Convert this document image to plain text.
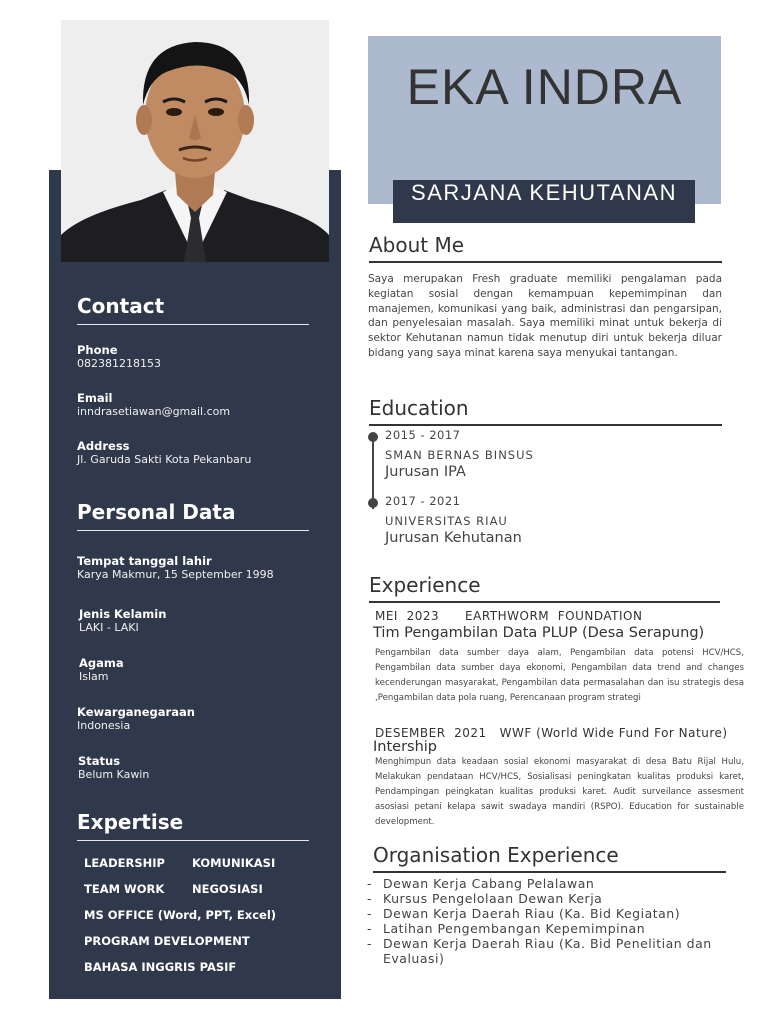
Contact
Phone
082381218153
Email
inndrasetiawan@gmail.com
Address
Jl. Garuda Sakti Kota Pekanbaru
Personal Data
Tempat tanggal lahir
Karya Makmur, 15 September 1998
Jenis Kelamin
LAKI - LAKI
Agama
Islam
Kewarganegaraan
Indonesia
Status
Belum Kawin
Expertise
LEADERSHIP KOMUNIKASI
TEAM WORK NEGOSIASI
MS OFFICE (Word, PPT, Excel)
PROGRAM DEVELOPMENT
BAHASA INGGRIS PASIF
EKA INDRA
SARJANA KEHUTANAN
About Me
Saya merupakan Fresh graduate memiliki pengalaman pada kegiatan sosial dengan kemampuan kepemimpinan dan manajemen, komunikasi yang baik, administrasi dan pengarsipan, dan penyelesaian masalah. Saya memiliki minat untuk bekerja di sektor Kehutanan namun tidak menutup diri untuk bekerja diluar bidang yang saya minat karena saya menyukai tantangan.
Education
2015 - 2017
SMAN BERNAS BINSUS
Jurusan IPA
2017 - 2021
UNIVERSITAS RIAU
Jurusan Kehutanan
Experience
MEI  2023      EARTHWORM  FOUNDATION
Tim Pengambilan Data PLUP (Desa Serapung)
Pengambilan data sumber daya alam, Pengambilan data potensi HCV/HCS, Pengambilan data sumber daya ekonomi, Pengambilan data trend and changes kecenderungan masyarakat, Pengambilan data permasalahan dan isu strategis desa ,Pengambilan data pola ruang, Perencanaan program strategi
DESEMBER  2021   WWF (World Wide Fund For Nature)
Intership
Menghimpun data keadaan sosial ekonomi masyarakat di desa Batu Rijal Hulu, Melakukan pendataan HCV/HCS, Sosialisasi peningkatan kualitas produksi karet, Pendampingan peingkatan kualitas produksi karet. Audit surveilance assesment asosiasi petani kelapa sawit swadaya mandiri (RSPO). Education for sustainable development.
Organisation Experience
- Dewan Kerja Cabang Pelalawan
- Kursus Pengelolaan Dewan Kerja
- Dewan Kerja Daerah Riau (Ka. Bid Kegiatan)
- Latihan Pengembangan Kepemimpinan
- Dewan Kerja Daerah Riau (Ka. Bid Penelitian dan Evaluasi)
